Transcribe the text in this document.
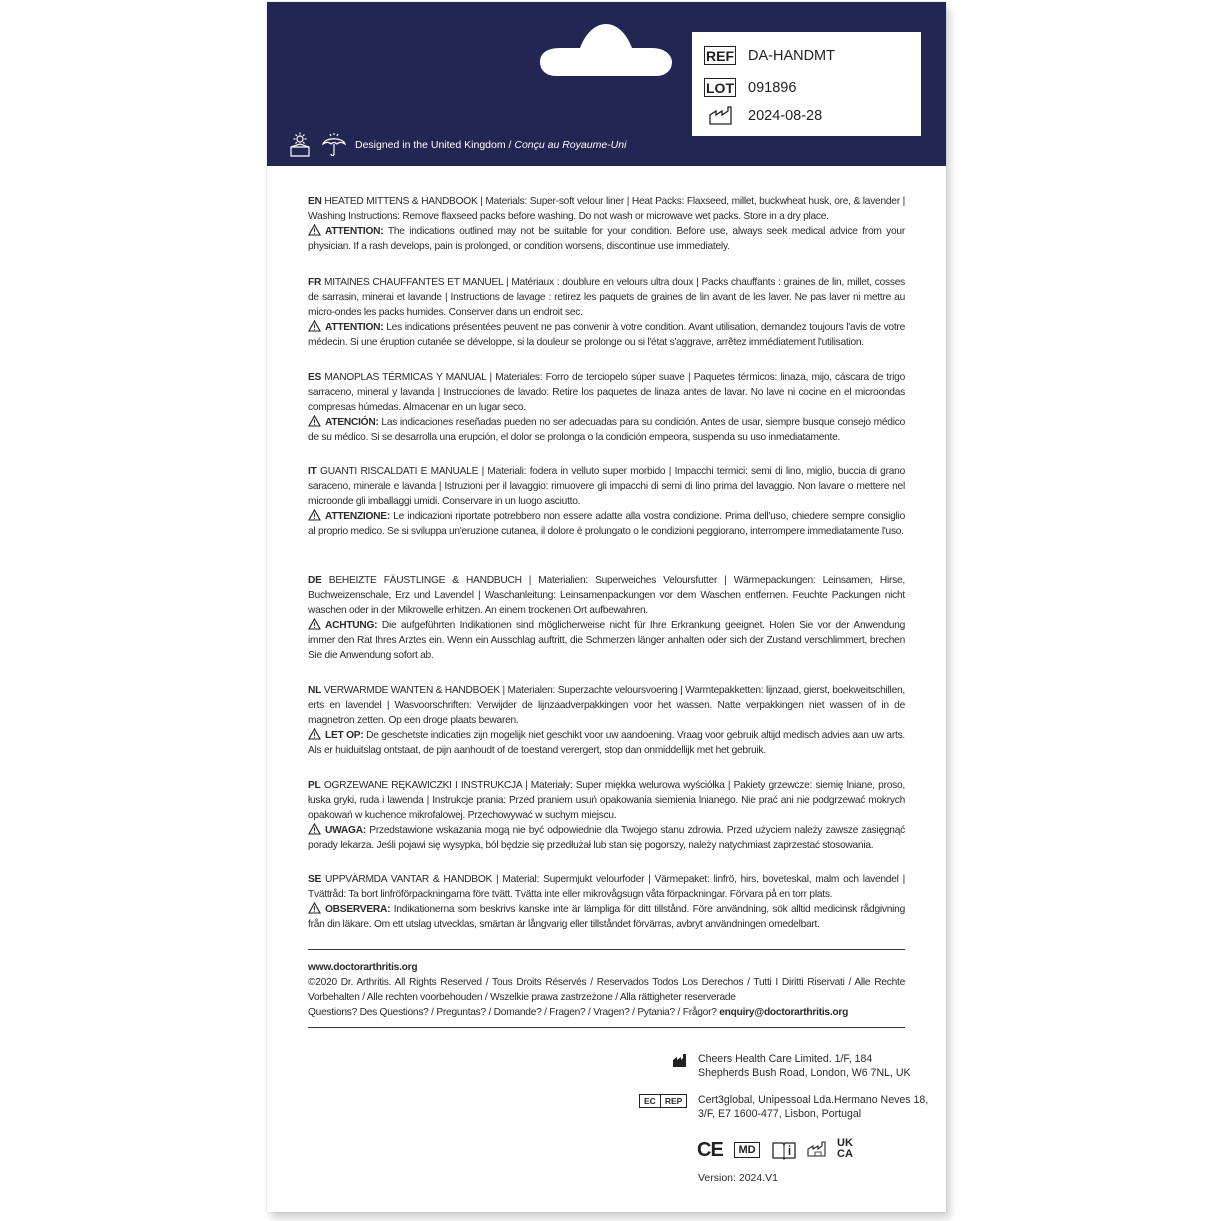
Designed in the United Kingdom / Conçu au Royaume-Uni
REF DA-HANDMT
LOT 091896
2024-08-28

EN HEATED MITTENS & HANDBOOK | Materials: Super-soft velour liner | Heat Packs: Flaxseed, millet, buckwheat husk, ore, & lavender | Washing Instructions: Remove flaxseed packs before washing. Do not wash or microwave wet packs. Store in a dry place.

ATTENTION: The indications outlined may not be suitable for your condition. Before use, always seek medical advice from your physician. If a rash develops, pain is prolonged, or condition worsens, discontinue use immediately.

FR MITAINES CHAUFFANTES ET MANUEL | Matériaux : doublure en velours ultra doux | Packs chauffants : graines de lin, millet, cosses de sarrasin, minerai et lavande | Instructions de lavage : retirez les paquets de graines de lin avant de les laver. Ne pas laver ni mettre au micro-ondes les packs humides. Conserver dans un endroit sec.

ATTENTION: Les indications présentées peuvent ne pas convenir à votre condition. Avant utilisation, demandez toujours l'avis de votre médecin. Si une éruption cutanée se développe, si la douleur se prolonge ou si l'état s'aggrave, arrêtez immédiatement l'utilisation.

ES MANOPLAS TÉRMICAS Y MANUAL | Materiales: Forro de terciopelo súper suave | Paquetes térmicos: linaza, mijo, cáscara de trigo sarraceno, mineral y lavanda | Instrucciones de lavado: Retire los paquetes de linaza antes de lavar. No lave ni cocine en el microondas compresas húmedas. Almacenar en un lugar seco.

ATENCIÓN: Las indicaciones reseñadas pueden no ser adecuadas para su condición. Antes de usar, siempre busque consejo médico de su médico. Si se desarrolla una erupción, el dolor se prolonga o la condición empeora, suspenda su uso inmediatamente.

IT GUANTI RISCALDATI E MANUALE | Materiali: fodera in velluto super morbido | Impacchi termici: semi di lino, miglio, buccia di grano saraceno, minerale e lavanda | Istruzioni per il lavaggio: rimuovere gli impacchi di semi di lino prima del lavaggio. Non lavare o mettere nel microonde gli imballaggi umidi. Conservare in un luogo asciutto.

ATTENZIONE: Le indicazioni riportate potrebbero non essere adatte alla vostra condizione. Prima dell'uso, chiedere sempre consiglio al proprio medico. Se si sviluppa un'eruzione cutanea, il dolore è prolungato o le condizioni peggiorano, interrompere immediatamente l'uso.

DE BEHEIZTE FÄUSTLINGE & HANDBUCH | Materialien: Superweiches Veloursfutter | Wärmepackungen: Leinsamen, Hirse, Buchweizenschale, Erz und Lavendel | Waschanleitung: Leinsamenpackungen vor dem Waschen entfernen. Feuchte Packungen nicht waschen oder in der Mikrowelle erhitzen. An einem trockenen Ort aufbewahren.

ACHTUNG: Die aufgeführten Indikationen sind möglicherweise nicht für Ihre Erkrankung geeignet. Holen Sie vor der Anwendung immer den Rat Ihres Arztes ein. Wenn ein Ausschlag auftritt, die Schmerzen länger anhalten oder sich der Zustand verschlimmert, brechen Sie die Anwendung sofort ab.

NL VERWARMDE WANTEN & HANDBOEK | Materialen: Superzachte veloursvoering | Warmtepakketten: lijnzaad, gierst, boekweitschillen, erts en lavendel | Wasvoorschriften: Verwijder de lijnzaadverpakkingen voor het wassen. Natte verpakkingen niet wassen of in de magnetron zetten. Op een droge plaats bewaren.

LET OP: De geschetste indicaties zijn mogelijk niet geschikt voor uw aandoening. Vraag voor gebruik altijd medisch advies aan uw arts. Als er huiduitslag ontstaat, de pijn aanhoudt of de toestand verergert, stop dan onmiddellijk met het gebruik.

PL OGRZEWANE RĘKAWICZKI I INSTRUKCJA | Materiały: Super miękka welurowa wyściółka | Pakiety grzewcze: siemię lniane, proso, łuska gryki, ruda i lawenda | Instrukcje prania: Przed praniem usuń opakowania siemienia lnianego. Nie prać ani nie podgrzewać mokrych opakowań w kuchence mikrofalowej. Przechowywać w suchym miejscu.

UWAGA: Przedstawione wskazania mogą nie być odpowiednie dla Twojego stanu zdrowia. Przed użyciem należy zawsze zasięgnąć porady lekarza. Jeśli pojawi się wysypka, ból będzie się przedłużał lub stan się pogorszy, należy natychmiast zaprzestać stosowania.

SE UPPVÄRMDA VANTAR & HANDBOK | Material: Supermjukt velourfoder | Värmepaket: linfrö, hirs, boveteskal, malm och lavendel | Tvättråd: Ta bort linfröförpackningarna före tvätt. Tvätta inte eller mikrovågsugn våta förpackningar. Förvara på en torr plats.

OBSERVERA: Indikationerna som beskrivs kanske inte är lämpliga för ditt tillstånd. Före användning, sök alltid medicinsk rådgivning från din läkare. Om ett utslag utvecklas, smärtan är långvarig eller tillståndet förvärras, avbryt användningen omedelbart.

www.doctorarthritis.org
©2020 Dr. Arthritis. All Rights Reserved / Tous Droits Réservés / Reservados Todos Los Derechos / Tutti I Diritti Riservati / Alle Rechte Vorbehalten / Alle rechten voorbehouden / Wszelkie prawa zastrzeżone / Alla rättigheter reserverade
Questions? Des Questions? / Preguntas? / Domande? / Fragen? / Vragen? / Pytania? / Frågor? enquiry@doctorarthritis.org
Cheers Health Care Limited. 1/F, 184
Shepherds Bush Road, London, W6 7NL, UK
EC	REP	Cert3global, Unipessoal Lda.Hermano Neves 18,
3/F, E7 1600-477, Lisbon, Portugal
CE	MD
UK
CA
Version: 2024.V1
